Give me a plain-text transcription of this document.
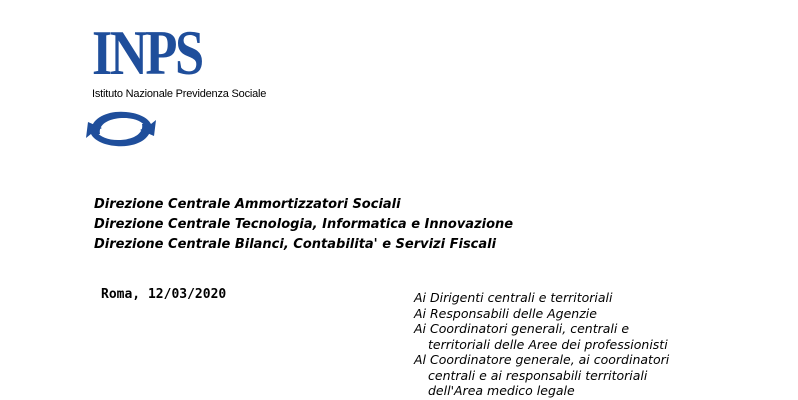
INPS
Istituto Nazionale Previdenza Sociale
Direzione Centrale Ammortizzatori Sociali
Direzione Centrale Tecnologia, Informatica e Innovazione
Direzione Centrale Bilanci, Contabilita' e Servizi Fiscali
Roma, 12/03/2020	Ai Dirigenti centrali e territoriali
Ai Responsabili delle Agenzie
Ai Coordinatori generali, centrali e
territoriali delle Aree dei professionisti
Al Coordinatore generale, ai coordinatori
centrali e ai responsabili territoriali
dell'Area medico legale
